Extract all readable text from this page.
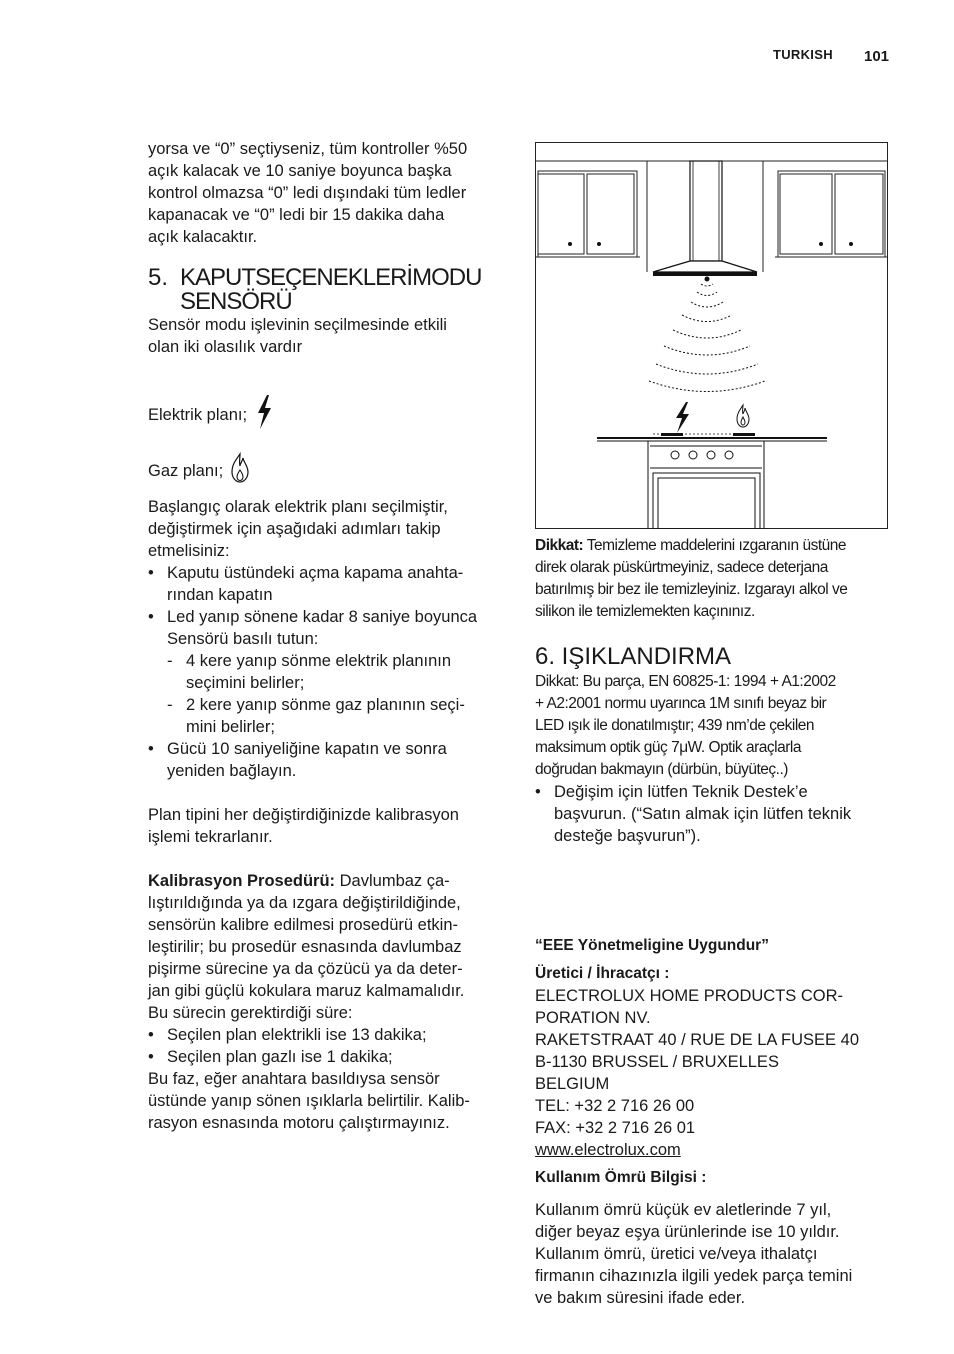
TURKISH 101

yorsa ve “0” seçtiyseniz, tüm kontroller %50

açık kalacak ve 10 saniye boyunca başka

kontrol olmazsa “0” ledi dışındaki tüm ledler

kapanacak ve “0” ledi bir 15 dakika daha

açık kalacaktır.

5. KAPUTSEÇENEKLERİMODU
SENSÖRÜ

Sensör modu işlevinin seçilmesinde etkili

olan iki olasılık vardır

Elektrik planı;
Gaz planı;

Başlangıç olarak elektrik planı seçilmiştir,

değiştirmek için aşağıdaki adımları takip

etmelisiniz:

• Kaputu üstündeki açma kapama anahta-
rından kapatın
• Led yanıp sönene kadar 8 saniye boyunca
Sensörü basılı tutun:
- 4 kere yanıp sönme elektrik planının
seçimini belirler;
- 2 kere yanıp sönme gaz planının seçi-
mini belirler;
• Gücü 10 saniyeliğine kapatın ve sonra
yeniden bağlayın.

Plan tipini her değiştirdiğinizde kalibrasyon

işlemi tekrarlanır.

Kalibrasyon Prosedürü: Davlumbaz ça-

lıştırıldığında ya da ızgara değiştirildiğinde,

sensörün kalibre edilmesi prosedürü etkin-

leştirilir; bu prosedür esnasında davlumbaz

pişirme sürecine ya da çözücü ya da deter-

jan gibi güçlü kokulara maruz kalmamalıdır.

Bu sürecin gerektirdiği süre:

• Seçilen plan elektrikli ise 13 dakika;
• Seçilen plan gazlı ise 1 dakika;

Bu faz, eğer anahtara basıldıysa sensör

üstünde yanıp sönen ışıklarla belirtilir. Kalib-

rasyon esnasında motoru çalıştırmayınız.

Dikkat: Temizleme maddelerini ızgaranın üstüne

direk olarak püskürtmeyiniz, sadece deterjana

batırılmış bir bez ile temizleyiniz. Izgarayı alkol ve

silikon ile temizlemekten kaçınınız.

6. IŞIKLANDIRMA

Dikkat: Bu parça, EN 60825-1: 1994 + A1:2002

+ A2:2001 normu uyarınca 1M sınıfı beyaz bir

LED ışık ile donatılmıştır; 439 nm’de çekilen

maksimum optik güç 7μW. Optik araçlarla

doğrudan bakmayın (dürbün, büyüteç..)

• Değişim için lütfen Teknik Destek’e
başvurun. (“Satın almak için lütfen teknik
desteğe başvurun”).

“EEE Yönetmeligine Uygundur”

Üretici / İhracatçı :

ELECTROLUX HOME PRODUCTS COR-

PORATION NV.

RAKETSTRAAT 40 / RUE DE LA FUSEE 40

B-1130 BRUSSEL / BRUXELLES

BELGIUM

TEL: +32 2 716 26 00

FAX: +32 2 716 26 01

www.electrolux.com

Kullanım Ömrü Bilgisi :

Kullanım ömrü küçük ev aletlerinde 7 yıl,

diğer beyaz eşya ürünlerinde ise 10 yıldır.

Kullanım ömrü, üretici ve/veya ithalatçı

firmanın cihazınızla ilgili yedek parça temini

ve bakım süresini ifade eder.
